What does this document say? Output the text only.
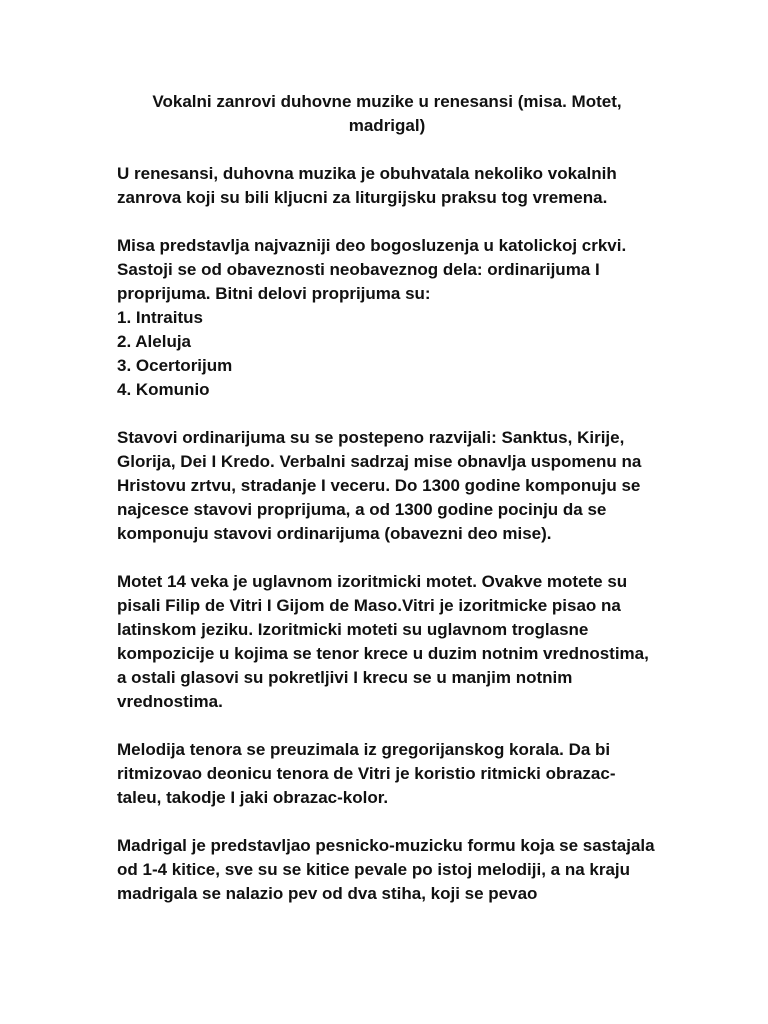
Vokalni zanrovi duhovne muzike u renesansi (misa. Motet, madrigal)

U renesansi, duhovna muzika je obuhvatala nekoliko vokalnih zanrova koji su bili kljucni za liturgijsku praksu tog vremena.

Misa predstavlja najvazniji deo bogosluzenja u katolickoj crkvi. Sastoji se od obaveznosti neobaveznog dela: ordinarijuma I proprijuma. Bitni delovi proprijuma su:
1. Intraitus
2. Aleluja
3. Ocertorijum
4. Komunio

Stavovi ordinarijuma su se postepeno razvijali: Sanktus, Kirije, Glorija, Dei I Kredo. Verbalni sadrzaj mise obnavlja uspomenu na Hristovu zrtvu, stradanje I veceru. Do 1300 godine komponuju se najcesce stavovi proprijuma, a od 1300 godine pocinju da se komponuju stavovi ordinarijuma (obavezni deo mise).

Motet 14 veka je uglavnom izoritmicki motet. Ovakve motete su pisali Filip de Vitri I Gijom de Maso.Vitri je izoritmicke pisao na latinskom jeziku. Izoritmicki moteti su uglavnom troglasne kompozicije u kojima se tenor krece u duzim notnim vrednostima, a ostali glasovi su pokretljivi I krecu se u manjim notnim vrednostima.

Melodija tenora se preuzimala iz gregorijanskog korala. Da bi ritmizovao deonicu tenora de Vitri je koristio ritmicki obrazac-taleu, takodje I jaki obrazac-kolor.

Madrigal je predstavljao pesnicko-muzicku formu koja se sastajala od 1-4 kitice, sve su se kitice pevale po istoj melodiji, a na kraju madrigala se nalazio pev od dva stiha, koji se pevao
